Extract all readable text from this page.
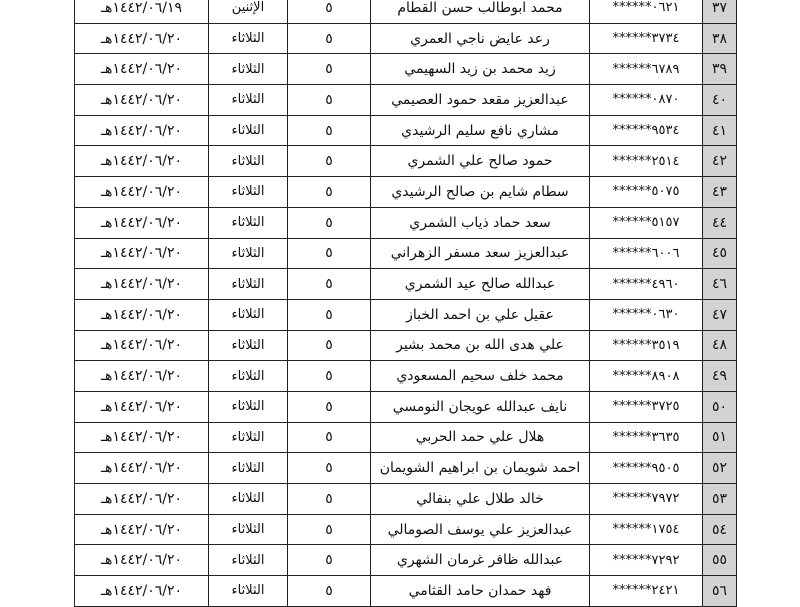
٣٧	******٠٦٢١	محمد ابوطالب حسن القطام	٥	الإثنين	١٤٤٢/٠٦/١٩هـ
٣٨	******٣٧٣٤	رعد عايض ناجي العمري	٥	الثلاثاء	١٤٤٢/٠٦/٢٠هـ
٣٩	******٦٧٨٩	زيد محمد بن زيد السهيمي	٥	الثلاثاء	١٤٤٢/٠٦/٢٠هـ
٤٠	******٠٨٧٠	عبدالعزيز مقعد حمود العصيمي	٥	الثلاثاء	١٤٤٢/٠٦/٢٠هـ
٤١	******٩٥٣٤	مشاري نافع سليم الرشيدي	٥	الثلاثاء	١٤٤٢/٠٦/٢٠هـ
٤٢	******٢٥١٤	حمود صالح علي الشمري	٥	الثلاثاء	١٤٤٢/٠٦/٢٠هـ
٤٣	******٥٠٧٥	سطام شايم بن صالح الرشيدي	٥	الثلاثاء	١٤٤٢/٠٦/٢٠هـ
٤٤	******٥١٥٧	سعد حماد ذياب الشمري	٥	الثلاثاء	١٤٤٢/٠٦/٢٠هـ
٤٥	******٦٠٠٦	عبدالعزيز سعد مسفر الزهراني	٥	الثلاثاء	١٤٤٢/٠٦/٢٠هـ
٤٦	******٤٩٦٠	عبدالله صالح عيد الشمري	٥	الثلاثاء	١٤٤٢/٠٦/٢٠هـ
٤٧	******٠٦٣٠	عقيل علي بن احمد الخباز	٥	الثلاثاء	١٤٤٢/٠٦/٢٠هـ
٤٨	******٣٥١٩	علي هدى الله بن محمد بشير	٥	الثلاثاء	١٤٤٢/٠٦/٢٠هـ
٤٩	******٨٩٠٨	محمد خلف سحيم المسعودي	٥	الثلاثاء	١٤٤٢/٠٦/٢٠هـ
٥٠	******٣٧٢٥	نايف عبدالله عويجان النومسي	٥	الثلاثاء	١٤٤٢/٠٦/٢٠هـ
٥١	******٣٦٣٥	هلال علي حمد الحربي	٥	الثلاثاء	١٤٤٢/٠٦/٢٠هـ
٥٢	******٩٥٠٥	احمد شويمان بن ابراهيم الشويمان	٥	الثلاثاء	١٤٤٢/٠٦/٢٠هـ
٥٣	******٧٩٧٢	خالد طلال علي بنفالي	٥	الثلاثاء	١٤٤٢/٠٦/٢٠هـ
٥٤	******١٧٥٤	عبدالعزيز علي يوسف الصومالي	٥	الثلاثاء	١٤٤٢/٠٦/٢٠هـ
٥٥	******٧٢٩٢	عبدالله ظافر غرمان الشهري	٥	الثلاثاء	١٤٤٢/٠٦/٢٠هـ
٥٦	******٢٤٢١	فهد حمدان حامد القثامي	٥	الثلاثاء	١٤٤٢/٠٦/٢٠هـ
